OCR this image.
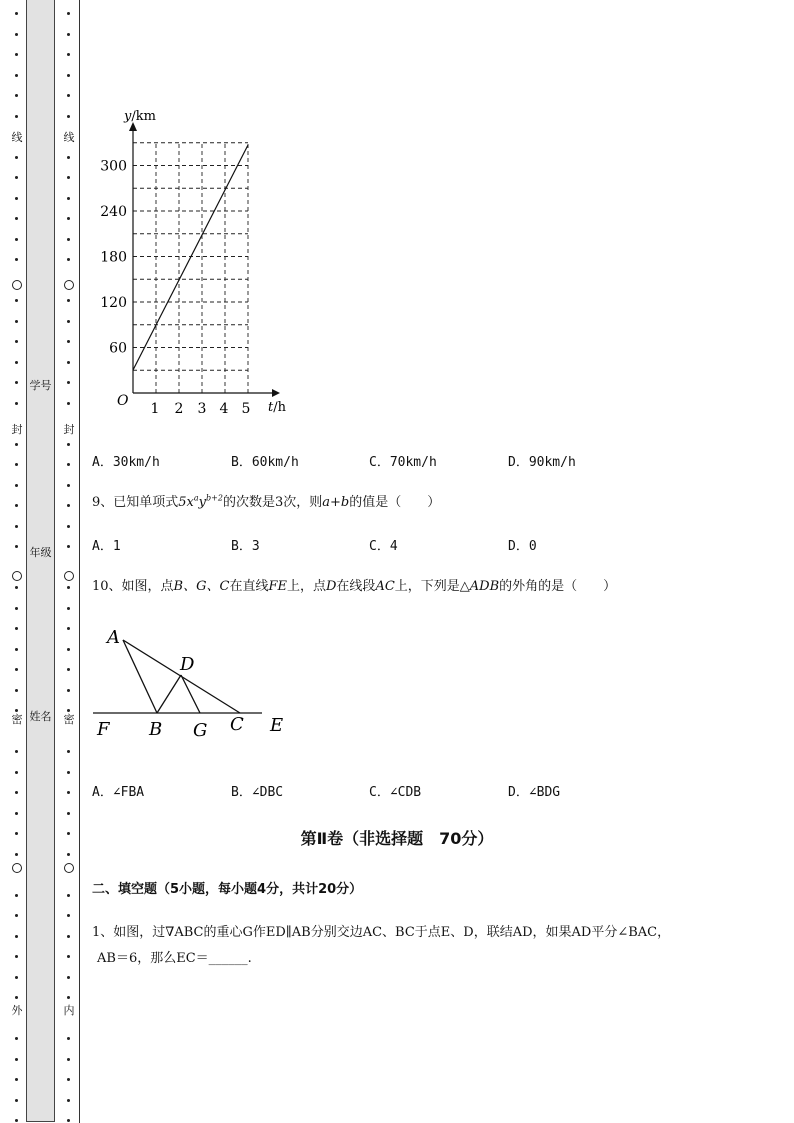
线
封
密
外
学号
年级
姓名
线
封
密
内
y/km
O	t/h
60
120
180
240
300
1 2 3 4 5
A．30km/h	B．60km/h	C．70km/h	D．90km/h
9、已知单项式$5x^ay^{b+2}$的次数是3次，则a+b的值是（　　）
A．1	B．3	C．4	D．0
10、如图，点B、G、C在直线FE上，点D在线段AC上，下列是△ADB的外角的是（　　）
A
D
F B G C E
A．∠FBA	B．∠DBC	C．∠CDB	D．∠BDG
第Ⅱ卷（非选择题　70分）
二、填空题（5小题，每小题4分，共计20分）
1、如图，过∇ABC的重心G作ED∥AB分别交边AC、BC于点E、D，联结AD，如果AD平分∠BAC，
AB＝6，那么EC＝______.
